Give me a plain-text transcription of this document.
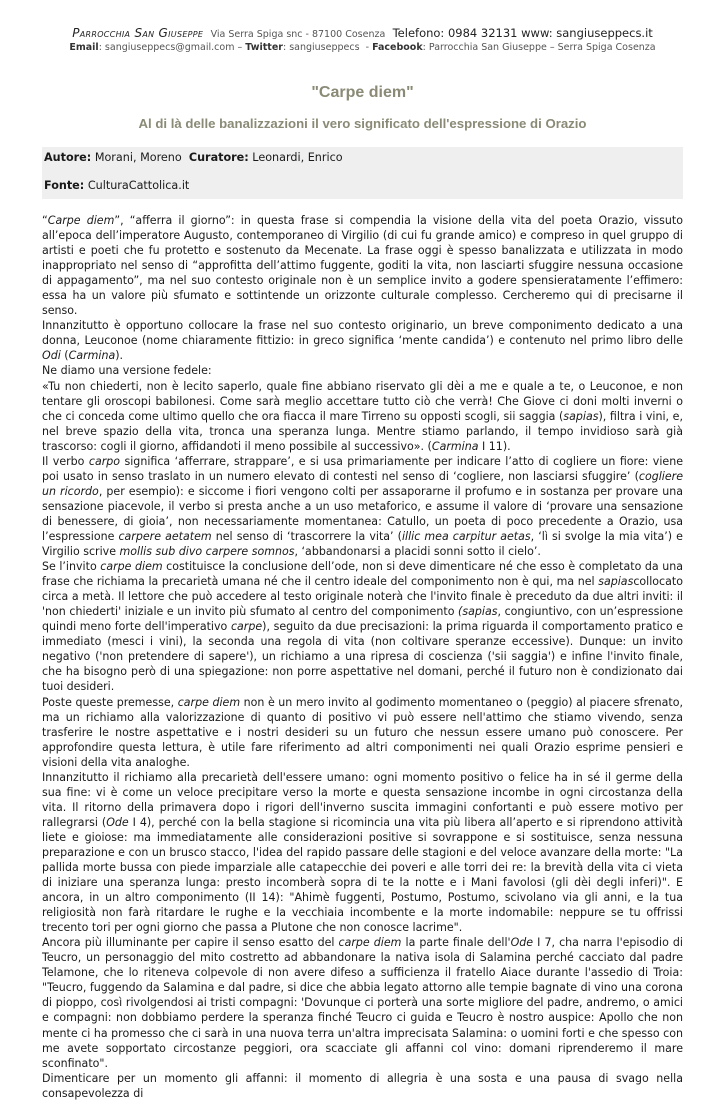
Parrocchia San Giuseppe Via Serra Spiga snc - 87100 Cosenza Telefono: 0984 32131 www: sangiuseppecs.it
Email: sangiuseppecs@gmail.com – Twitter: sangiuseppecs  - Facebook: Parrocchia San Giuseppe – Serra Spiga Cosenza
"Carpe diem"
Al di là delle banalizzazioni il vero significato dell'espressione di Orazio
Autore: Morani, Moreno Curatore: Leonardi, Enrico
Fonte: CulturaCattolica.it

“Carpe diem”, “afferra il giorno”: in questa frase si compendia la visione della vita del poeta Orazio, vissuto all’epoca dell’imperatore Augusto, contemporaneo di Virgilio (di cui fu grande amico) e compreso in quel gruppo di artisti e poeti che fu protetto e sostenuto da Mecenate. La frase oggi è spesso banalizzata e utilizzata in modo inappropriato nel senso di “approfitta dell’attimo fuggente, goditi la vita, non lasciarti sfuggire nessuna occasione di appagamento”, ma nel suo contesto originale non è un semplice invito a godere spensieratamente l’effimero: essa ha un valore più sfumato e sottintende un orizzonte culturale complesso. Cercheremo qui di precisarne il senso.

Innanzitutto è opportuno collocare la frase nel suo contesto originario, un breve componimento dedicato a una donna, Leuconoe (nome chiaramente fittizio: in greco significa ‘mente candida’) e contenuto nel primo libro delle Odi (Carmina).

Ne diamo una versione fedele:

«Tu non chiederti, non è lecito saperlo, quale fine abbiano riservato gli dèi a me e quale a te, o Leuconoe, e non tentare gli oroscopi babilonesi. Come sarà meglio accettare tutto ciò che verrà! Che Giove ci doni molti inverni o che ci conceda come ultimo quello che ora fiacca il mare Tirreno su opposti scogli, sii saggia (sapias), filtra i vini, e, nel breve spazio della vita, tronca una speranza lunga. Mentre stiamo parlando, il tempo invidioso sarà già trascorso: cogli il giorno, affidandoti il meno possibile al successivo». (Carmina I 11).

Il verbo carpo significa ‘afferrare, strappare’, e si usa primariamente per indicare l’atto di cogliere un fiore: viene poi usato in senso traslato in un numero elevato di contesti nel senso di ‘cogliere, non lasciarsi sfuggire’ (cogliere un ricordo, per esempio): e siccome i fiori vengono colti per assaporarne il profumo e in sostanza per provare una sensazione piacevole, il verbo si presta anche a un uso metaforico, e assume il valore di ‘provare una sensazione di benessere, di gioia’, non necessariamente momentanea: Catullo, un poeta di poco precedente a Orazio, usa l’espressione carpere aetatem nel senso di ‘trascorrere la vita’ (illic mea carpitur aetas, ‘lì si svolge la mia vita’) e Virgilio scrive mollis sub divo carpere somnos, ‘abbandonarsi a placidi sonni sotto il cielo’.

Se l’invito carpe diem costituisce la conclusione dell’ode, non si deve dimenticare né che esso è completato da una frase che richiama la precarietà umana né che il centro ideale del componimento non è qui, ma nel sapiascollocato circa a metà. Il lettore che può accedere al testo originale noterà che l'invito finale è preceduto da due altri inviti: il 'non chiederti' iniziale e un invito più sfumato al centro del componimento (sapias, congiuntivo, con un’espressione quindi meno forte dell'imperativo carpe), seguito da due precisazioni: la prima riguarda il comportamento pratico e immediato (mesci i vini), la seconda una regola di vita (non coltivare speranze eccessive). Dunque: un invito negativo ('non pretendere di sapere'), un richiamo a una ripresa di coscienza ('sii saggia') e infine l'invito finale, che ha bisogno però di una spiegazione: non porre aspettative nel domani, perché il futuro non è condizionato dai tuoi desideri.

Poste queste premesse, carpe diem non è un mero invito al godimento momentaneo o (peggio) al piacere sfrenato, ma un richiamo alla valorizzazione di quanto di positivo vi può essere nell'attimo che stiamo vivendo, senza trasferire le nostre aspettative e i nostri desideri su un futuro che nessun essere umano può conoscere. Per approfondire questa lettura, è utile fare riferimento ad altri componimenti nei quali Orazio esprime pensieri e visioni della vita analoghe.

Innanzitutto il richiamo alla precarietà dell'essere umano: ogni momento positivo o felice ha in sé il germe della sua fine: vi è come un veloce precipitare verso la morte e questa sensazione incombe in ogni circostanza della vita. Il ritorno della primavera dopo i rigori dell'inverno suscita immagini confortanti e può essere motivo per rallegrarsi (Ode I 4), perché con la bella stagione si ricomincia una vita più libera all’aperto e si riprendono attività liete e gioiose: ma immediatamente alle considerazioni positive si sovrappone e si sostituisce, senza nessuna preparazione e con un brusco stacco, l'idea del rapido passare delle stagioni e del veloce avanzare della morte: "La pallida morte bussa con piede imparziale alle catapecchie dei poveri e alle torri dei re: la brevità della vita ci vieta di iniziare una speranza lunga: presto incomberà sopra di te la notte e i Mani favolosi (gli dèi degli inferi)". E ancora, in un altro componimento (II 14): "Ahimè fuggenti, Postumo, Postumo, scivolano via gli anni, e la tua religiosità non farà ritardare le rughe e la vecchiaia incombente e la morte indomabile: neppure se tu offrissi trecento tori per ogni giorno che passa a Plutone che non conosce lacrime".

Ancora più illuminante per capire il senso esatto del carpe diem la parte finale dell'Ode I 7, cha narra l'episodio di Teucro, un personaggio del mito costretto ad abbandonare la nativa isola di Salamina perché cacciato dal padre Telamone, che lo riteneva colpevole di non avere difeso a sufficienza il fratello Aiace durante l'assedio di Troia: "Teucro, fuggendo da Salamina e dal padre, si dice che abbia legato attorno alle tempie bagnate di vino una corona di pioppo, così rivolgendosi ai tristi compagni: 'Dovunque ci porterà una sorte migliore del padre, andremo, o amici e compagni: non dobbiamo perdere la speranza finché Teucro ci guida e Teucro è nostro auspice: Apollo che non mente ci ha promesso che ci sarà in una nuova terra un'altra imprecisata Salamina: o uomini forti e che spesso con me avete sopportato circostanze peggiori, ora scacciate gli affanni col vino: domani riprenderemo il mare sconfinato".

Dimenticare per un momento gli affanni: il momento di allegria è una sosta e una pausa di svago nella consapevolezza di
